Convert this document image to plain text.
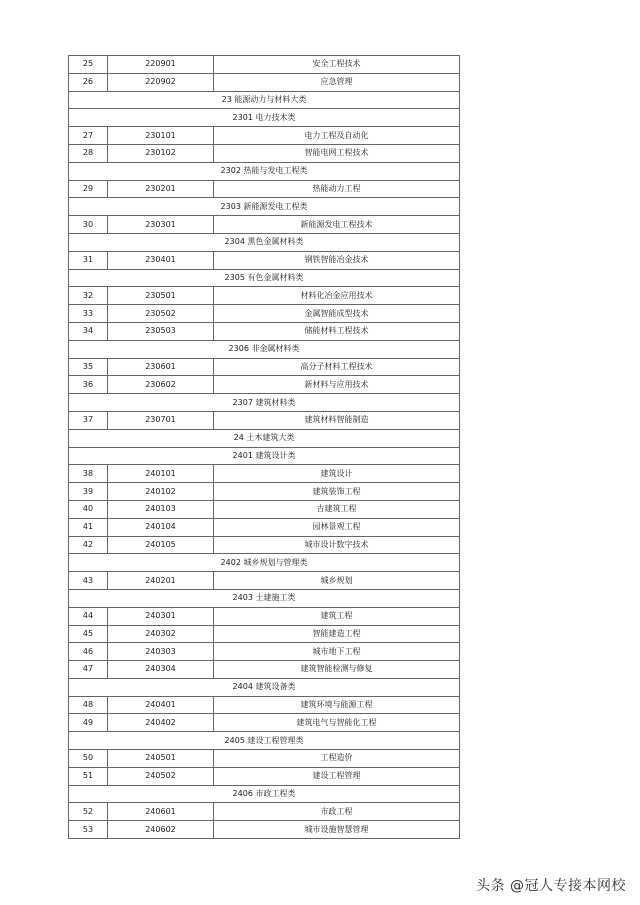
25	220901	安全工程技术
26	220902	应急管理
23 能源动力与材料大类		
2301 电力技术类		
27	230101	电力工程及自动化
28	230102	智能电网工程技术
2302 热能与发电工程类		
29	230201	热能动力工程
2303 新能源发电工程类		
30	230301	新能源发电工程技术
2304 黑色金属材料类		
31	230401	钢铁智能冶金技术
2305 有色金属材料类		
32	230501	材料化冶金应用技术
33	230502	金属智能成型技术
34	230503	储能材料工程技术
2306 非金属材料类		
35	230601	高分子材料工程技术
36	230602	新材料与应用技术
2307 建筑材料类		
37	230701	建筑材料智能制造
24 土木建筑大类		
2401 建筑设计类		
38	240101	建筑设计
39	240102	建筑装饰工程
40	240103	古建筑工程
41	240104	园林景观工程
42	240105	城市设计数字技术
2402 城乡规划与管理类		
43	240201	城乡规划
2403 土建施工类		
44	240301	建筑工程
45	240302	智能建造工程
46	240303	城市地下工程
47	240304	建筑智能检测与修复
2404 建筑设备类		
48	240401	建筑环境与能源工程
49	240402	建筑电气与智能化工程
2405 建设工程管理类		
50	240501	工程造价
51	240502	建设工程管理
2406 市政工程类		
52	240601	市政工程
53	240602	城市设施智慧管理
头条 @冠人专接本网校
